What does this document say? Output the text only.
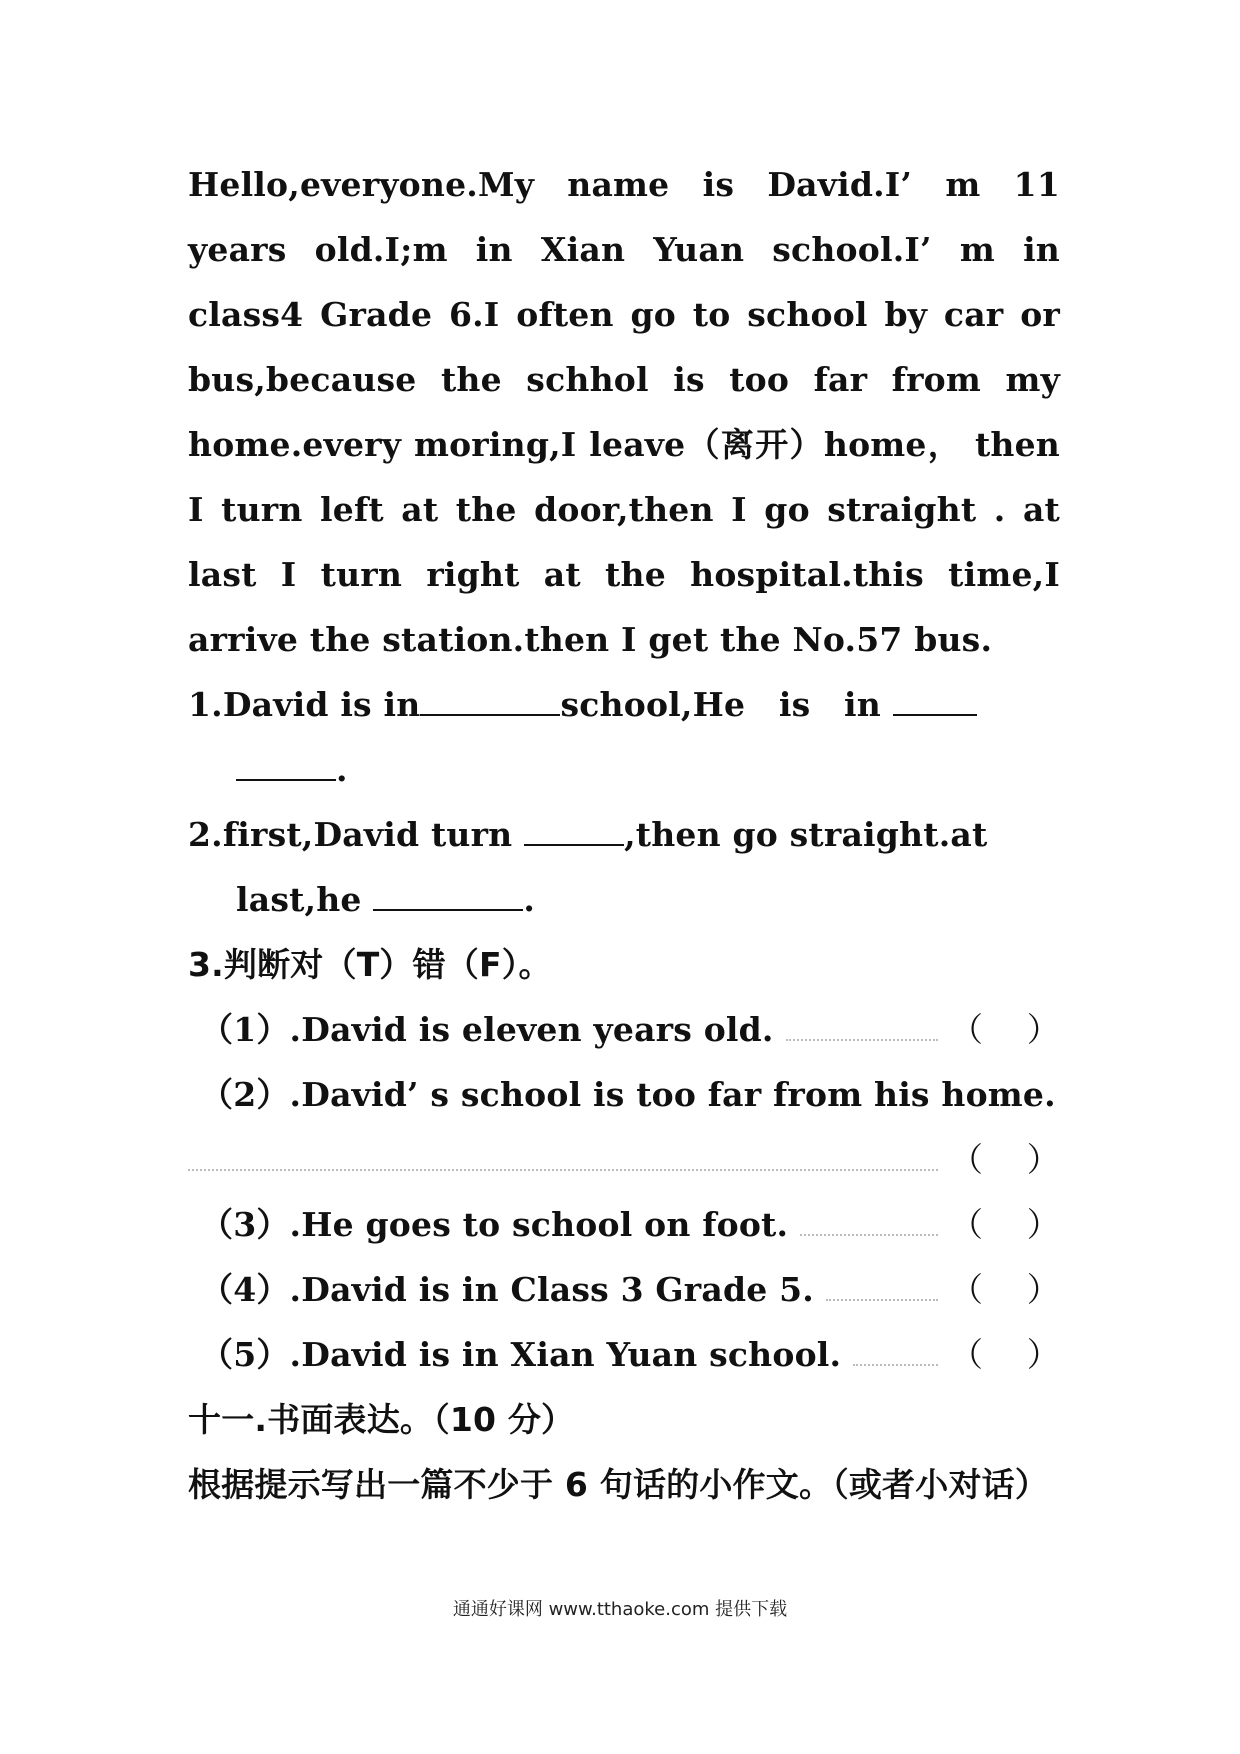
Hello,everyone.My name is David.I’ m 11 years old.I;m in Xian Yuan school.I’ m in class4 Grade 6.I often go to school by car or bus,because the schhol is too far from my home.every moring,I leave（离开）home， then I turn left at the door,then I go straight . at last I turn right at the hospital.this time,I arrive the station.then I get the No.57 bus.

1.David is in	school,He is in
.
2.first,David turn	,then go straight.at
last,he	.
3.判断对（T）错（F）。
（1）.David is eleven years old.	（ ）
（2）.David’ s school is too far from his home.
（ ）
（3）.He goes to school on foot.	（ ）
（4）.David is in Class 3 Grade 5.	（ ）
（5）.David is in Xian Yuan school.	（ ）
十一.书面表达。（10 分）

根据提示写出一篇不少于 6 句话的小作文。（或者小对话）

通通好课网 www.tthaoke.com 提供下载
